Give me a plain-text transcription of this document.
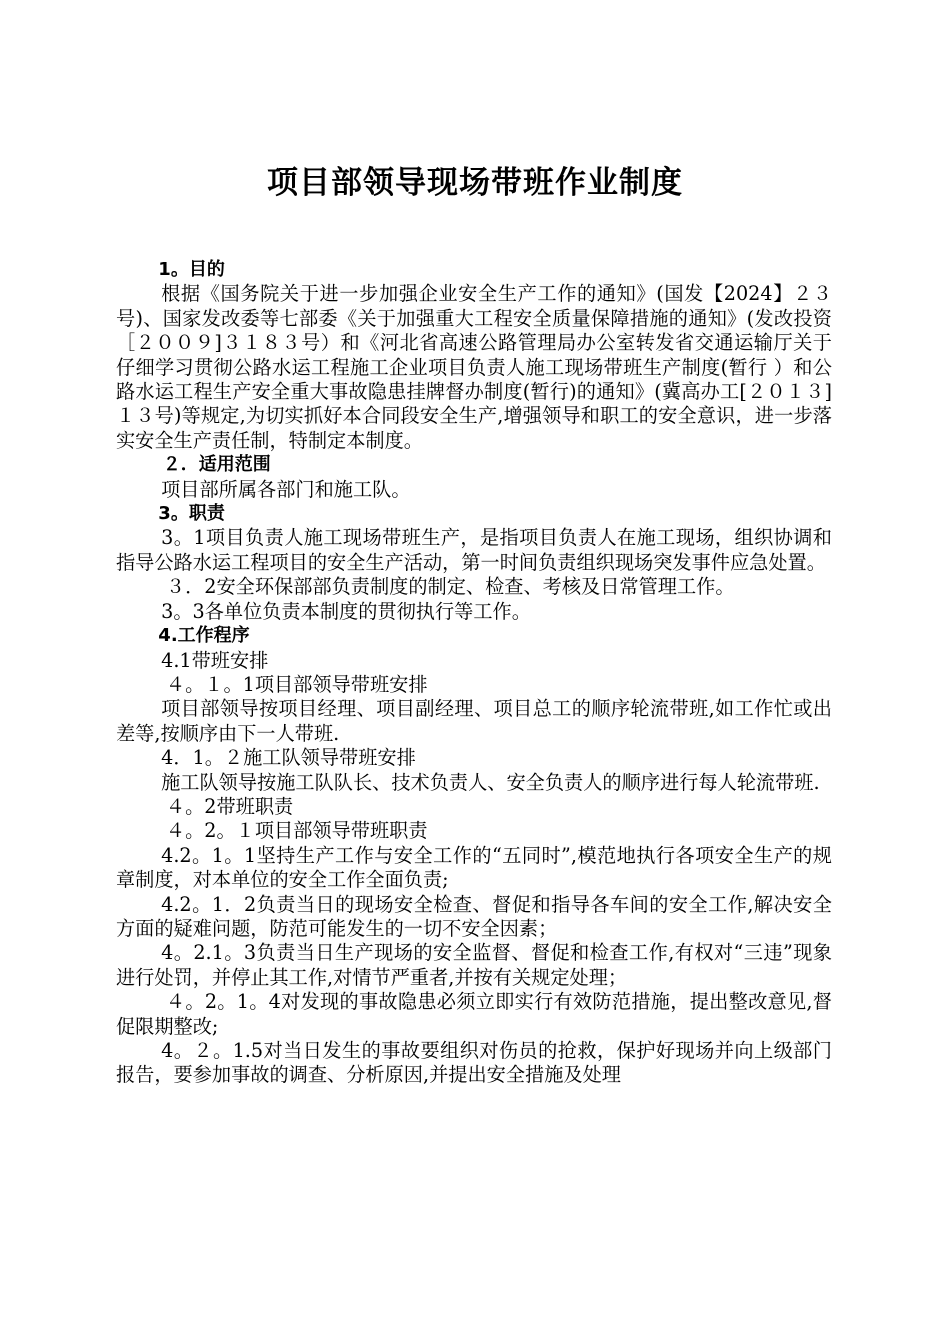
项目部领导现场带班作业制度

1。目的

根据《国务院关于进一步加强企业安全生产工作的通知》(国发【2024】２３号)、国家发改委等七部委《关于加强重大工程安全质量保障措施的通知》(发改投资［２００９]３１８３号）和《河北省高速公路管理局办公室转发省交通运输厅关于仔细学习贯彻公路水运工程施工企业项目负责人施工现场带班生产制度(暂行 ）和公路水运工程生产安全重大事故隐患挂牌督办制度(暂行)的通知》(冀高办工[２０１３]１３号)等规定,为切实抓好本合同段安全生产,增强领导和职工的安全意识，进一步落实安全生产责任制，特制定本制度。

２．适用范围

项目部所属各部门和施工队。

3。职责

3。1项目负责人施工现场带班生产，是指项目负责人在施工现场，组织协调和指导公路水运工程项目的安全生产活动，第一时间负责组织现场突发事件应急处置。

３．2安全环保部部负责制度的制定、检查、考核及日常管理工作。

3。3各单位负责本制度的贯彻执行等工作。

4.工作程序

4.1带班安排

４。１。1项目部领导带班安排

项目部领导按项目经理、项目副经理、项目总工的顺序轮流带班,如工作忙或出差等,按顺序由下一人带班.

4．1。２施工队领导带班安排

施工队领导按施工队队长、技术负责人、安全负责人的顺序进行每人轮流带班.

４。2带班职责

４。2。１项目部领导带班职责

4.2。1。1坚持生产工作与安全工作的“五同时”,模范地执行各项安全生产的规章制度，对本单位的安全工作全面负责;

4.2。1．2负责当日的现场安全检查、督促和指导各车间的安全工作,解决安全方面的疑难问题，防范可能发生的一切不安全因素；

4。2.1。3负责当日生产现场的安全监督、督促和检查工作,有权对“三违”现象进行处罚，并停止其工作,对情节严重者,并按有关规定处理；

４。2。1。4对发现的事故隐患必须立即实行有效防范措施，提出整改意见,督促限期整改;

4。２。1.5对当日发生的事故要组织对伤员的抢救，保护好现场并向上级部门报告，要参加事故的调查、分析原因,并提出安全措施及处理
